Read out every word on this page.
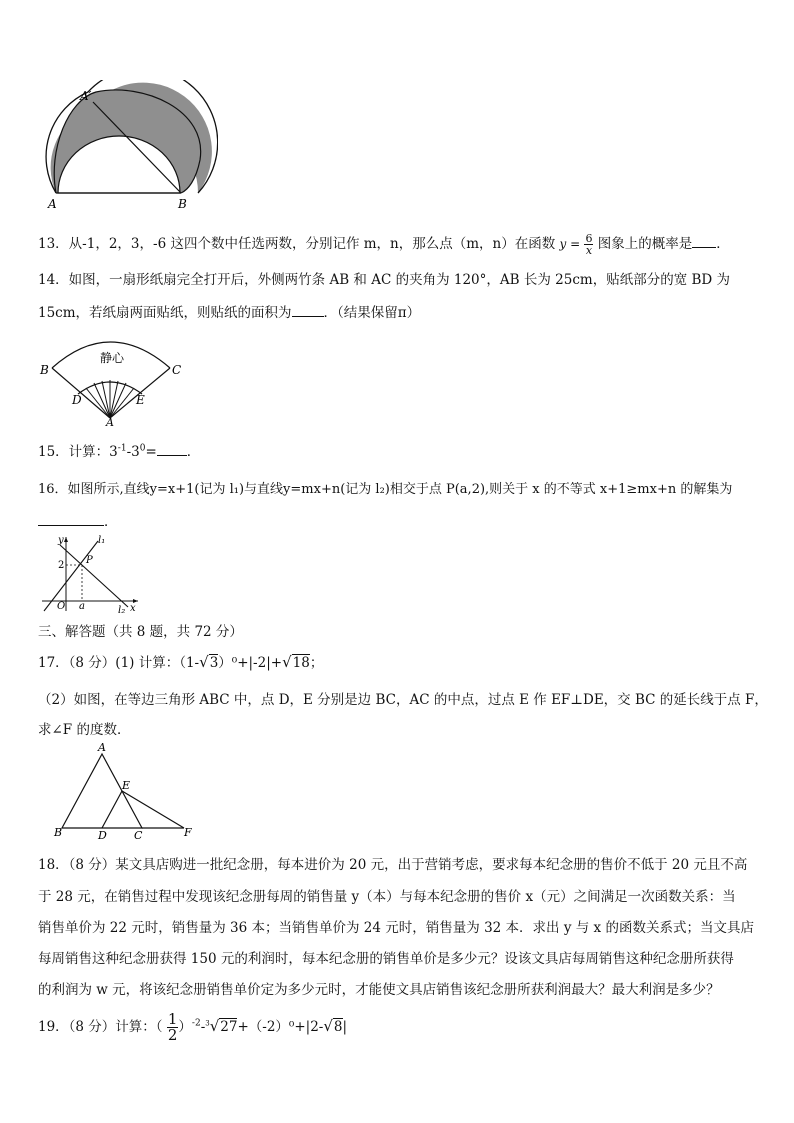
A′
A	B
13．从-1，2，3，-6 这四个数中任选两数，分别记作 m，n，那么点（m，n）在函数 $y = \frac{6}{x}$ 图象上的概率是 ．
14．如图，一扇形纸扇完全打开后，外侧两竹条 AB 和 AC 的夹角为 120°，AB 长为 25cm，贴纸部分的宽 BD 为
15cm，若纸扇两面贴纸，则贴纸的面积为 ．（结果保留π）
静心
B	C
D	E
A
15．计算：$3^{-1}-3^0=$ ．
16．如图所示,直线y=x+1(记为 l₁)与直线y=mx+n(记为 l₂)相交于点 P(a,2),则关于 x 的不等式 x+1≥mx+n 的解集为
．
y
x
O a
2 P
l₁
l₂
三、解答题（共 8 题，共 72 分）
17．（8 分）(1) 计算：（1-√3）⁰+|-2|+√18；
（2）如图，在等边三角形 ABC 中，点 D，E 分别是边 BC，AC 的中点，过点 E 作 EF⊥DE，交 BC 的延长线于点 F，
求∠F 的度数．
A
E
B	D C	F
18．（8 分）某文具店购进一批纪念册，每本进价为 20 元，出于营销考虑，要求每本纪念册的售价不低于 20 元且不高
于 28 元，在销售过程中发现该纪念册每周的销售量 y（本）与每本纪念册的售价 x（元）之间满足一次函数关系：当
销售单价为 22 元时，销售量为 36 本；当销售单价为 24 元时，销售量为 32 本．求出 y 与 x 的函数关系式；当文具店
每周销售这种纪念册获得 150 元的利润时，每本纪念册的销售单价是多少元？设该文具店每周销售这种纪念册所获得
的利润为 w 元，将该纪念册销售单价定为多少元时，才能使文具店销售该纪念册所获利润最大？最大利润是多少？
19．（8 分）计算：（ $\frac{1}{2} )^{-2}-^3√27+(-2)^0+|2-√8|$
